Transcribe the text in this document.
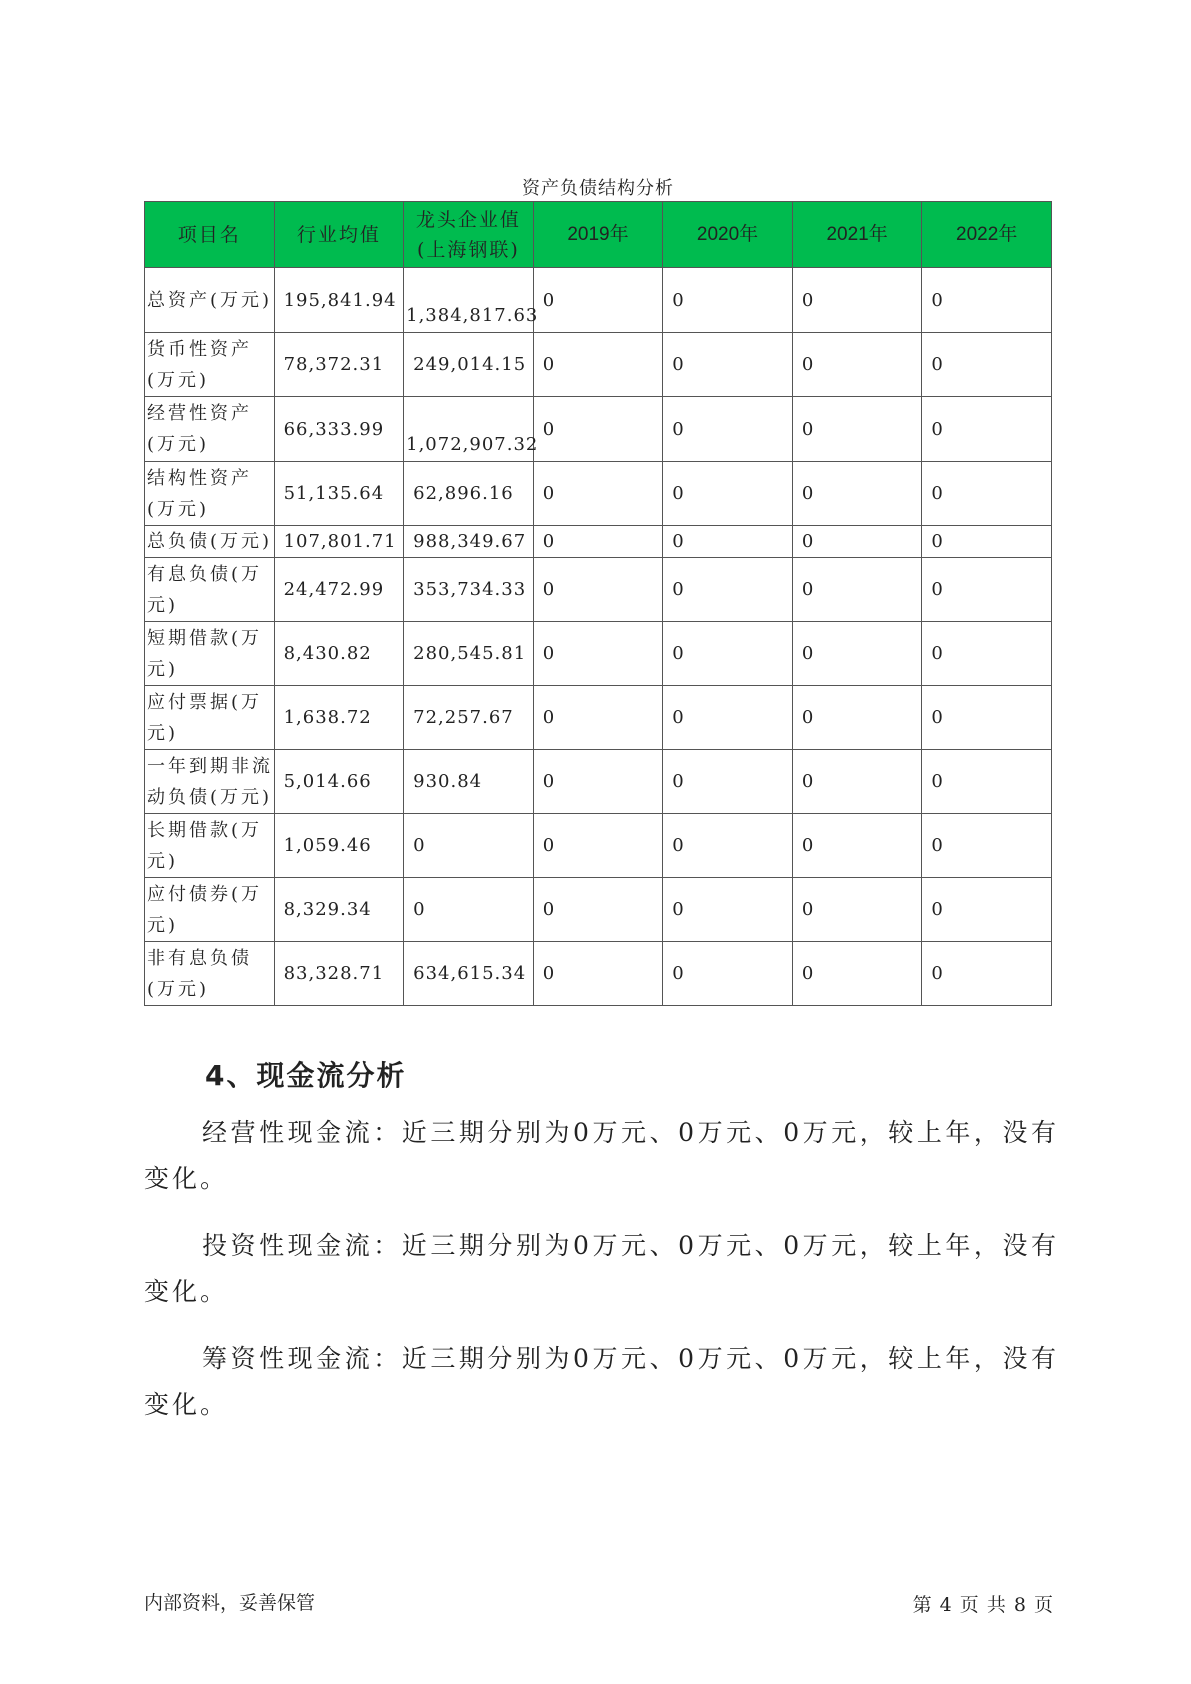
资产负债结构分析
项目名	行业均值	龙头企业值(上海钢联)	2019年	2020年	2021年	2022年
总资产(万元)	195,841.94	1,384,817.63	0	0	0	0
货币性资产(万元)	78,372.31	249,014.15	0	0	0	0
经营性资产(万元)	66,333.99	1,072,907.32	0	0	0	0
结构性资产(万元)	51,135.64	62,896.16	0	0	0	0
总负债(万元)	107,801.71	988,349.67	0	0	0	0
有息负债(万元)	24,472.99	353,734.33	0	0	0	0
短期借款(万元)	8,430.82	280,545.81	0	0	0	0
应付票据(万元)	1,638.72	72,257.67	0	0	0	0
一年到期非流动负债(万元)	5,014.66	930.84	0	0	0	0
长期借款(万元)	1,059.46	0	0	0	0	0
应付债券(万元)	8,329.34	0	0	0	0	0
非有息负债(万元)	83,328.71	634,615.34	0	0	0	0
4、现金流分析

经营性现金流：近三期分别为0万元、0万元、0万元，较上年，没有变化。

投资性现金流：近三期分别为0万元、0万元、0万元，较上年，没有变化。

筹资性现金流：近三期分别为0万元、0万元、0万元，较上年，没有变化。

内部资料，妥善保管	第 4 页 共 8 页
